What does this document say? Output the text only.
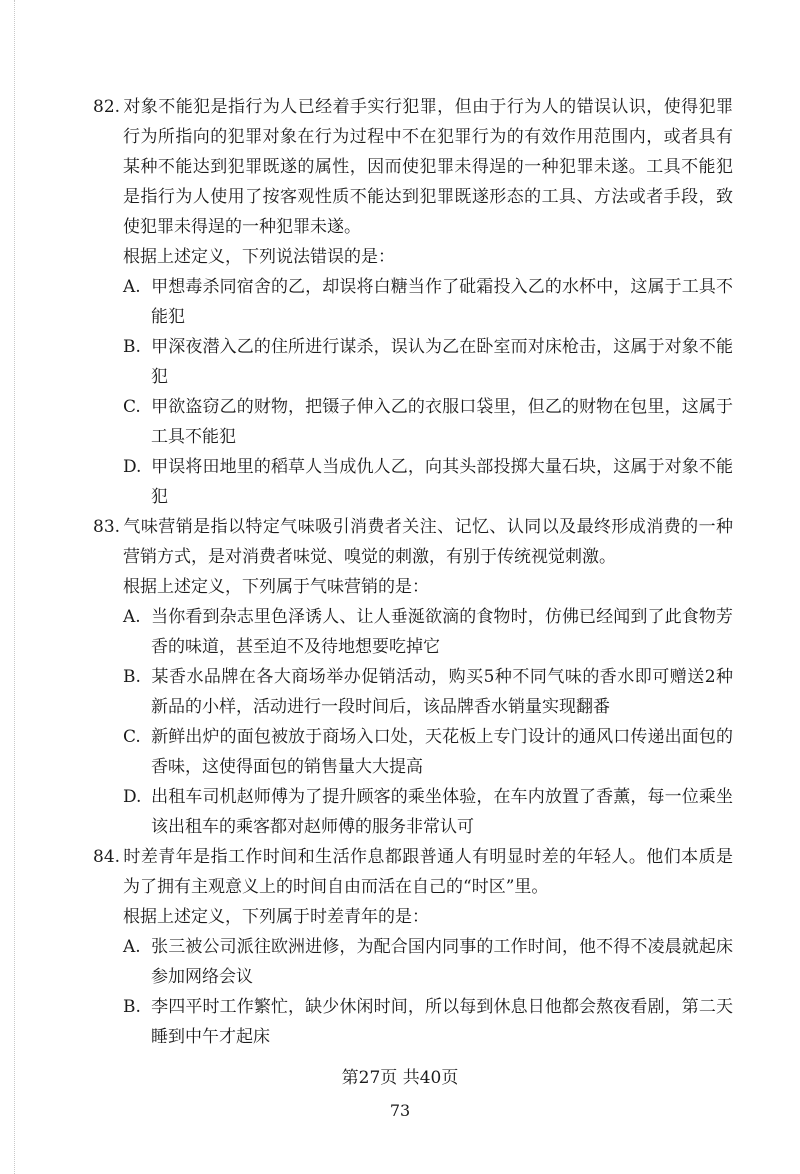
82. 对象不能犯是指行为人已经着手实行犯罪，但由于行为人的错误认识，使得犯罪行为所指向的犯罪对象在行为过程中不在犯罪行为的有效作用范围内，或者具有某种不能达到犯罪既遂的属性，因而使犯罪未得逞的一种犯罪未遂。工具不能犯是指行为人使用了按客观性质不能达到犯罪既遂形态的工具、方法或者手段，致使犯罪未得逞的一种犯罪未遂。
根据上述定义，下列说法错误的是：
A. 甲想毒杀同宿舍的乙，却误将白糖当作了砒霜投入乙的水杯中，这属于工具不能犯
B. 甲深夜潜入乙的住所进行谋杀，误认为乙在卧室而对床枪击，这属于对象不能犯
C. 甲欲盗窃乙的财物，把镊子伸入乙的衣服口袋里，但乙的财物在包里，这属于工具不能犯
D. 甲误将田地里的稻草人当成仇人乙，向其头部投掷大量石块，这属于对象不能犯
83. 气味营销是指以特定气味吸引消费者关注、记忆、认同以及最终形成消费的一种营销方式，是对消费者味觉、嗅觉的刺激，有别于传统视觉刺激。
根据上述定义，下列属于气味营销的是：
A. 当你看到杂志里色泽诱人、让人垂涎欲滴的食物时，仿佛已经闻到了此食物芳香的味道，甚至迫不及待地想要吃掉它
B. 某香水品牌在各大商场举办促销活动，购买5种不同气味的香水即可赠送2种新品的小样，活动进行一段时间后，该品牌香水销量实现翻番
C. 新鲜出炉的面包被放于商场入口处，天花板上专门设计的通风口传递出面包的香味，这使得面包的销售量大大提高
D. 出租车司机赵师傅为了提升顾客的乘坐体验，在车内放置了香薰，每一位乘坐该出租车的乘客都对赵师傅的服务非常认可
84. 时差青年是指工作时间和生活作息都跟普通人有明显时差的年轻人。他们本质是为了拥有主观意义上的时间自由而活在自己的“时区”里。
根据上述定义，下列属于时差青年的是：
A. 张三被公司派往欧洲进修，为配合国内同事的工作时间，他不得不凌晨就起床参加网络会议
B. 李四平时工作繁忙，缺少休闲时间，所以每到休息日他都会熬夜看剧，第二天睡到中午才起床
第27页 共40页
73
